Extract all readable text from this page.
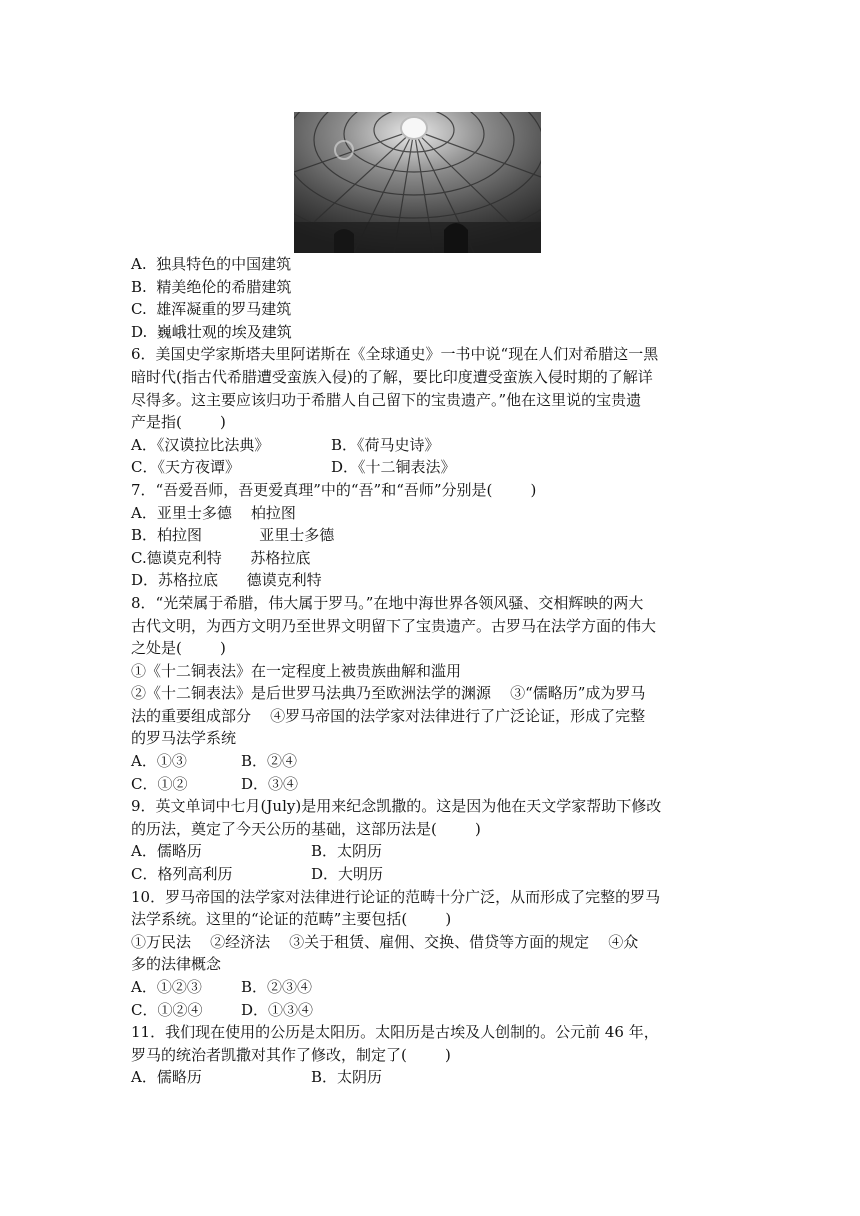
A.  独具特色的中国建筑
B.  精美绝伦的希腊建筑
C.  雄浑凝重的罗马建筑
D.  巍峨壮观的埃及建筑
6．美国史学家斯塔夫里阿诺斯在《全球通史》一书中说“现在人们对希腊这一黑
暗时代(指古代希腊遭受蛮族入侵)的了解，要比印度遭受蛮族入侵时期的了解详
尽得多。这主要应该归功于希腊人自己留下的宝贵遗产。”他在这里说的宝贵遗
产是指(        )
A．《汉谟拉比法典》	B．《荷马史诗》
C．《天方夜谭》	D．《十二铜表法》
7．“吾爱吾师，吾更爱真理”中的“吾”和“吾师”分别是(        )
A．亚里士多德    柏拉图
B．柏拉图            亚里士多德
C.德谟克利特      苏格拉底
D．苏格拉底      德谟克利特
8．“光荣属于希腊，伟大属于罗马。”在地中海世界各领风骚、交相辉映的两大
古代文明，为西方文明乃至世界文明留下了宝贵遗产。古罗马在法学方面的伟大
之处是(        )
①《十二铜表法》在一定程度上被贵族曲解和滥用
②《十二铜表法》是后世罗马法典乃至欧洲法学的渊源    ③“儒略历”成为罗马
法的重要组成部分    ④罗马帝国的法学家对法律进行了广泛论证，形成了完整
的罗马法学系统
A．①③	B．②④
C．①②	D．③④
9．英文单词中七月(July)是用来纪念凯撒的。这是因为他在天文学家帮助下修改
的历法，奠定了今天公历的基础，这部历法是(        )
A．儒略历	B．太阴历
C．格列高利历	D．大明历
10．罗马帝国的法学家对法律进行论证的范畴十分广泛，从而形成了完整的罗马
法学系统。这里的“论证的范畴”主要包括(        )
①万民法    ②经济法    ③关于租赁、雇佣、交换、借贷等方面的规定    ④众
多的法律概念
A．①②③	B．②③④
C．①②④	D．①③④
11．我们现在使用的公历是太阳历。太阳历是古埃及人创制的。公元前 46 年，
罗马的统治者凯撒对其作了修改，制定了(        )
A．儒略历	B．太阴历
